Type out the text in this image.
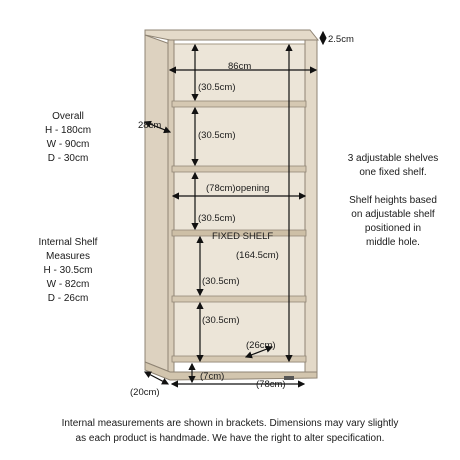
Overall
H - 180cm
W - 90cm
D - 30cm
Internal Shelf
Measures
H - 30.5cm
W - 82cm
D - 26cm
3 adjustable shelves
one fixed shelf.
Shelf heights based
on adjustable shelf
positioned in
middle hole.
2.5cm
86cm
28cm
(30.5cm)
(30.5cm)
(78cm)opening
(30.5cm)
FIXED SHELF
(164.5cm)
(30.5cm)
(30.5cm)
(26cm)
(7cm)
(20cm)
(78cm)
Internal measurements are shown in brackets. Dimensions may vary slightly
as each product is handmade. We have the right to alter specification.
